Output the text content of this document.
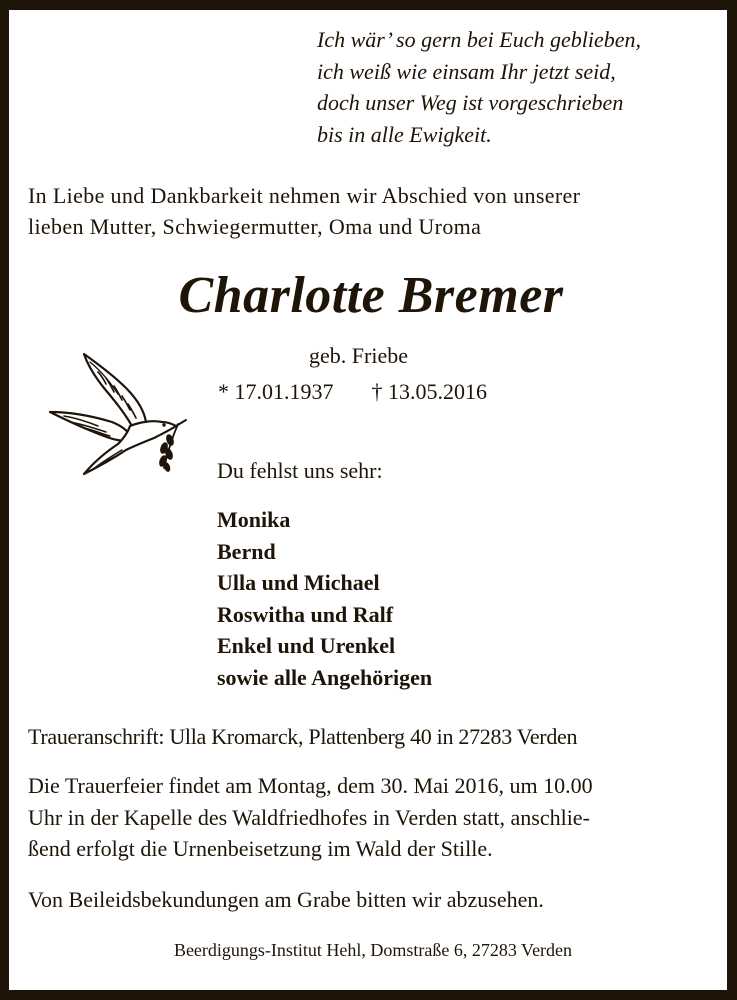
Ich wär’ so gern bei Euch geblieben,
ich weiß wie einsam Ihr jetzt seid,
doch unser Weg ist vorgeschrieben
bis in alle Ewigkeit.
In Liebe und Dankbarkeit nehmen wir Abschied von unserer
lieben Mutter, Schwiegermutter, Oma und Uroma
Charlotte Bremer
geb. Friebe
* 17.01.1937 † 13.05.2016
Du fehlst uns sehr:
Monika
Bernd
Ulla und Michael
Roswitha und Ralf
Enkel und Urenkel
sowie alle Angehörigen
Traueranschrift: Ulla Kromarck, Plattenberg 40 in 27283 Verden
Die Trauerfeier findet am Montag, dem 30. Mai 2016, um 10.00
Uhr in der Kapelle des Waldfriedhofes in Verden statt, anschlie-
ßend erfolgt die Urnenbeisetzung im Wald der Stille.
Von Beileidsbekundungen am Grabe bitten wir abzusehen.
Beerdigungs-Institut Hehl, Domstraße 6, 27283 Verden
